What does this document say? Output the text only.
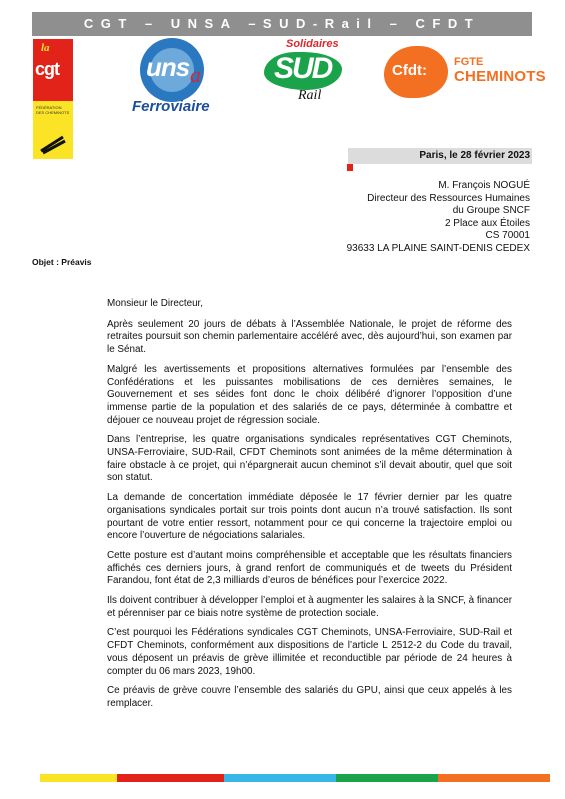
CGT – UNSA –SUD-Rail – CFDT
la
cgt
FÉDÉRATION DES CHEMINOTS
uns a
Ferroviaire
Solidaires
SUD
Rail
Cfdt: FGTE
CHEMINOTS
Paris, le 28 février 2023
M. François NOGUÉ
Directeur des Ressources Humaines
du Groupe SNCF
2 Place aux Étoiles
CS 70001
93633 LA PLAINE SAINT-DENIS CEDEX
Objet : Préavis

Monsieur le Directeur,

Après seulement 20 jours de débats à l’Assemblée Nationale, le projet de réforme des retraites poursuit son chemin parlementaire accéléré avec, dès aujourd’hui, son examen par le Sénat.

Malgré les avertissements et propositions alternatives formulées par l’ensemble des Confédérations et les puissantes mobilisations de ces dernières semaines, le Gouvernement et ses séides font donc le choix délibéré d’ignorer l’opposition d’une immense partie de la population et des salariés de ce pays, déterminée à combattre et déjouer ce nouveau projet de régression sociale.

Dans l’entreprise, les quatre organisations syndicales représentatives CGT Cheminots, UNSA-Ferroviaire, SUD-Rail, CFDT Cheminots sont animées de la même détermination à faire obstacle à ce projet, qui n’épargnerait aucun cheminot s’il devait aboutir, quel que soit son statut.

La demande de concertation immédiate déposée le 17 février dernier par les quatre organisations syndicales portait sur trois points dont aucun n’a trouvé satisfaction. Ils sont pourtant de votre entier ressort, notamment pour ce qui concerne la trajectoire emploi ou encore l’ouverture de négociations salariales.

Cette posture est d’autant moins compréhensible et acceptable que les résultats financiers affichés ces derniers jours, à grand renfort de communiqués et de tweets du Président Farandou, font état de 2,3 milliards d’euros de bénéfices pour l’exercice 2022.

Ils doivent contribuer à développer l’emploi et à augmenter les salaires à la SNCF, à financer et pérenniser par ce biais notre système de protection sociale.

C’est pourquoi les Fédérations syndicales CGT Cheminots, UNSA-Ferroviaire, SUD-Rail et CFDT Cheminots, conformément aux dispositions de l’article L 2512-2 du Code du travail, vous déposent un préavis de grève illimitée et reconductible par période de 24 heures à compter du 06 mars 2023, 19h00.

Ce préavis de grève couvre l’ensemble des salariés du GPU, ainsi que ceux appelés à les remplacer.
